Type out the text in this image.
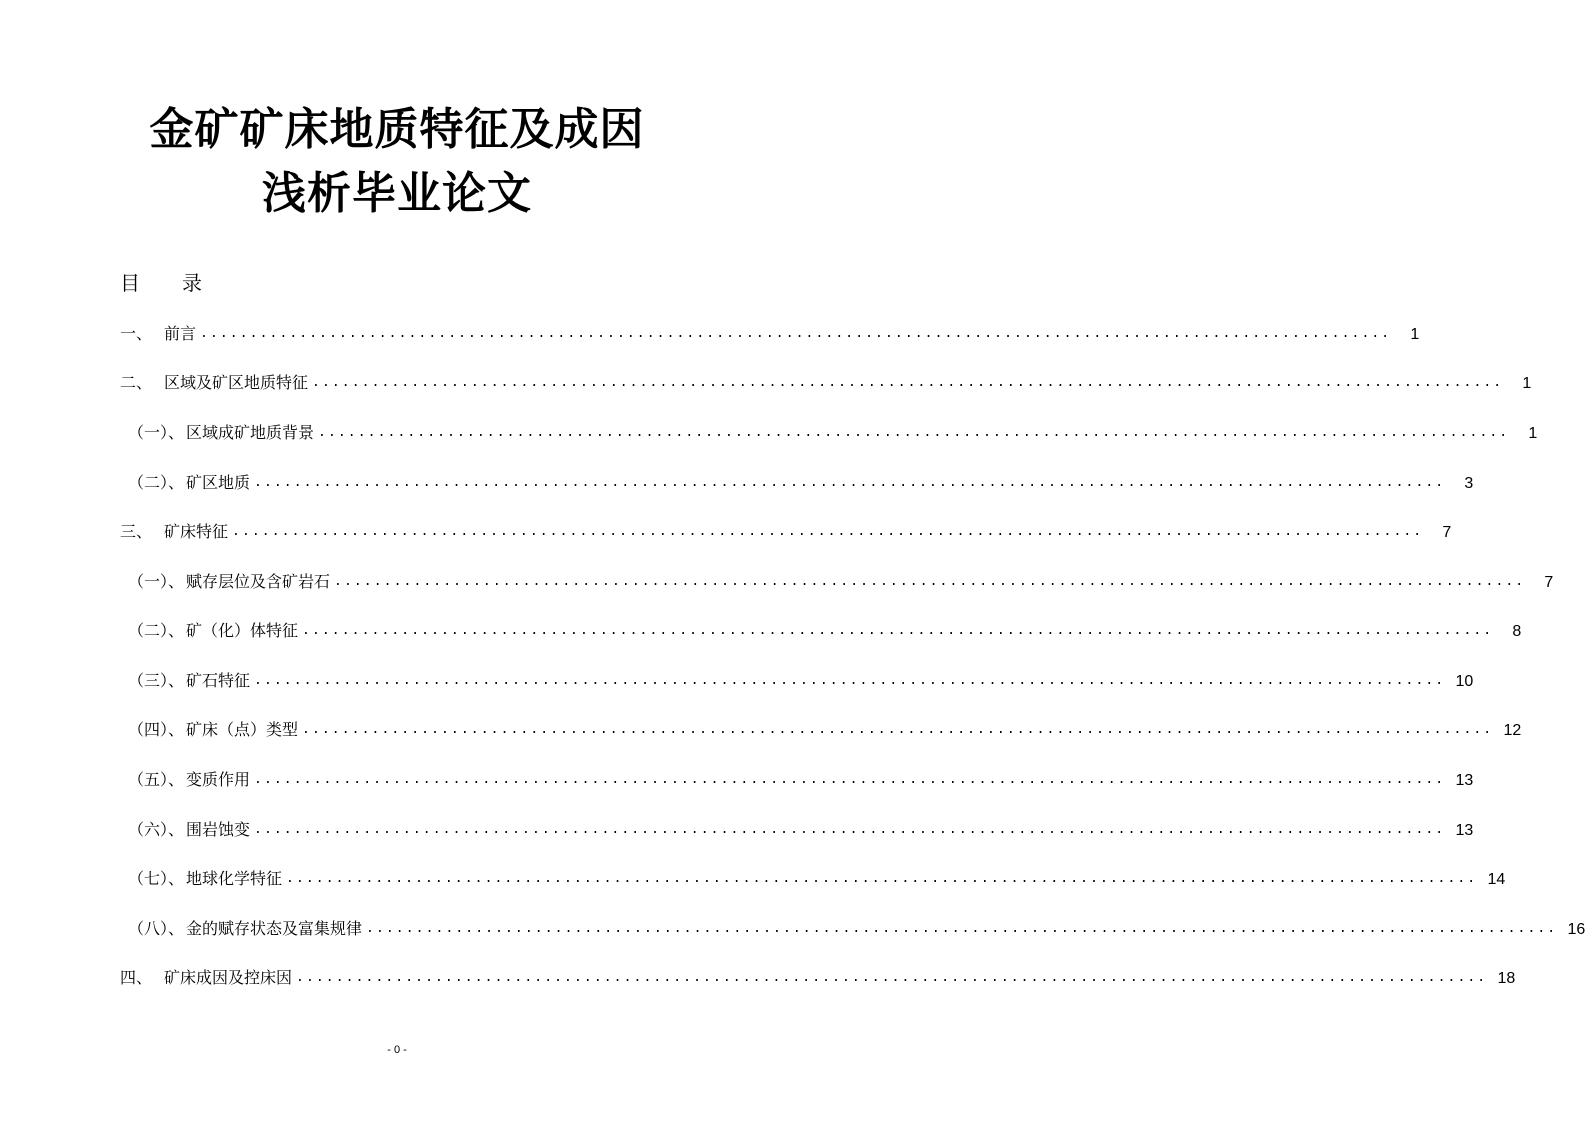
金矿矿床地质特征及成因
浅析毕业论文
目 录
一、 前言 ........................................................................................................................	1
二、 区域及矿区地质特征 ........................................................................................................................	1
（一）、 区域成矿地质背景 ........................................................................................................................	1
（二）、 矿区地质 ........................................................................................................................	3
三、 矿床特征 ........................................................................................................................	7
（一）、 赋存层位及含矿岩石 ........................................................................................................................	7
（二）、 矿（化）体特征 ........................................................................................................................	8
（三）、 矿石特征 ........................................................................................................................ 10
（四）、 矿床（点）类型 ........................................................................................................................ 12
（五）、 变质作用 ........................................................................................................................ 13
（六）、 围岩蚀变 ........................................................................................................................ 13
（七）、 地球化学特征 ........................................................................................................................ 14
（八）、 金的赋存状态及富集规律 ........................................................................................................................ 16
四、 矿床成因及控床因 ........................................................................................................................ 18
- 0 -
